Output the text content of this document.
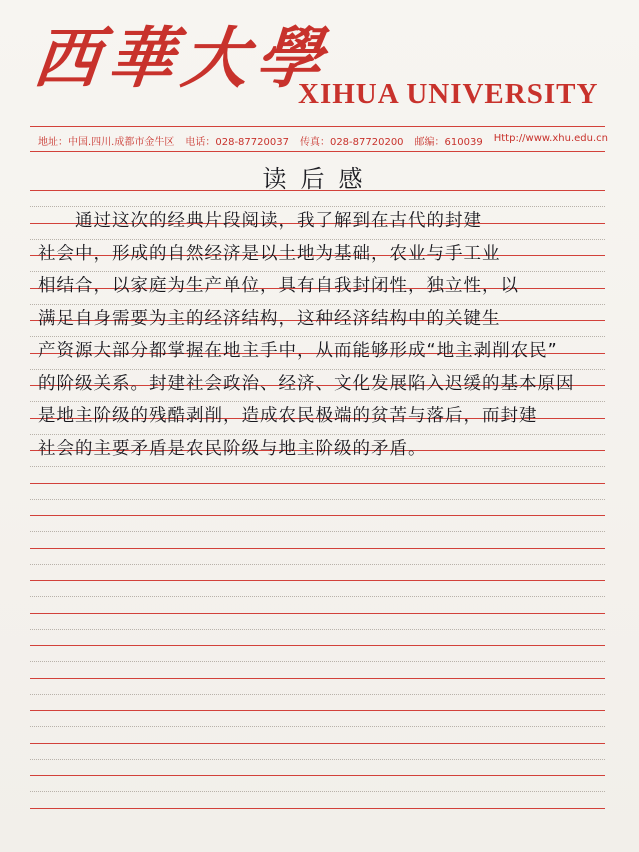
西華大學
XIHUA UNIVERSITY
地址：中国.四川.成都市金牛区 电话：028-87720037 传真：028-87720200 邮编：610039 Http://www.xhu.edu.cn
读后感
　　通过这次的经典片段阅读，我了解到在古代的封建
社会中，形成的自然经济是以土地为基础，农业与手工业
相结合，以家庭为生产单位，具有自我封闭性，独立性，以
满足自身需要为主的经济结构，这种经济结构中的关键生
产资源大部分都掌握在地主手中，从而能够形成“地主剥削农民”
的阶级关系。封建社会政治、经济、文化发展陷入迟缓的基本原因
是地主阶级的残酷剥削，造成农民极端的贫苦与落后，而封建
社会的主要矛盾是农民阶级与地主阶级的矛盾。
